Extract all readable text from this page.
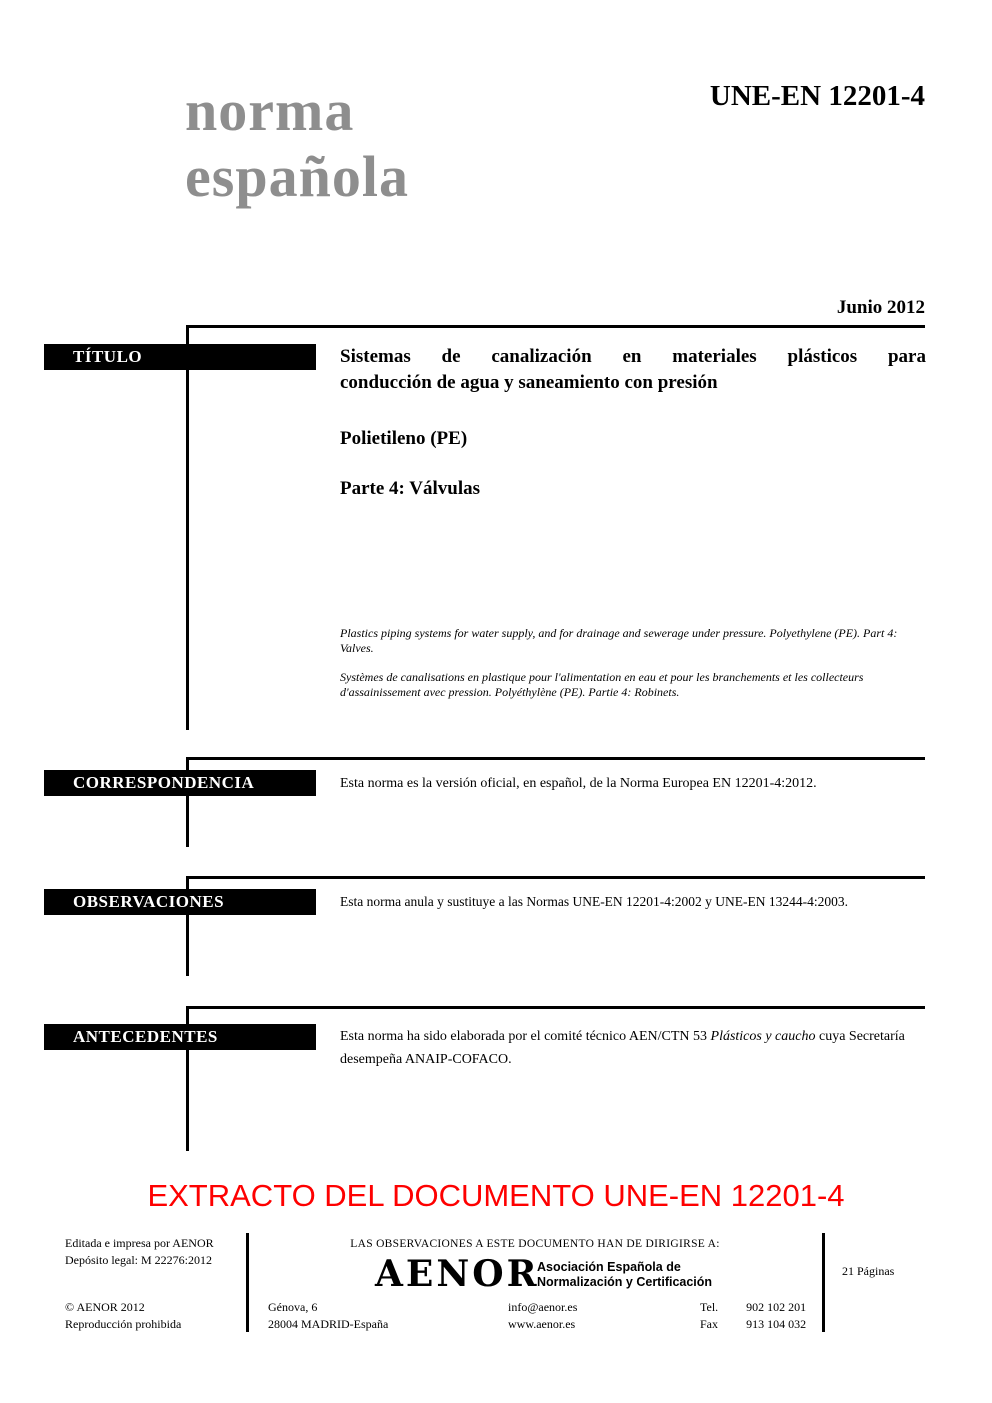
norma
española
UNE-EN 12201-4
Junio 2012
TÍTULO	Sistemas de canalización en materiales plásticos para
conducción de agua y saneamiento con presión
Polietileno (PE)
Parte 4: Válvulas
Plastics piping systems for water supply, and for drainage and sewerage under pressure. Polyethylene (PE). Part 4: Valves.
Systèmes de canalisations en plastique pour l'alimentation en eau et pour les branchements et les collecteurs d'assainissement avec pression. Polyéthylène (PE). Partie 4: Robinets.
CORRESPONDENCIA	Esta norma es la versión oficial, en español, de la Norma Europea EN 12201-4:2012.
OBSERVACIONES	Esta norma anula y sustituye a las Normas UNE-EN 12201-4:2002 y UNE-EN 13244-4:2003.
ANTECEDENTES	Esta norma ha sido elaborada por el comité técnico AEN/CTN 53 Plásticos y caucho cuya Secretaría desempeña ANAIP-COFACO.
EXTRACTO DEL DOCUMENTO UNE-EN 12201-4
Editada e impresa por AENOR
Depósito legal: M 22276:2012
© AENOR 2012
Reproducción prohibida
LAS OBSERVACIONES A ESTE DOCUMENTO HAN DE DIRIGIRSE A:
AENOR
Asociación Española de
Normalización y Certificación
Génova, 6
28004 MADRID-España
info@aenor.es
www.aenor.es
Tel.	902 102 201
Fax	913 104 032
21 Páginas
